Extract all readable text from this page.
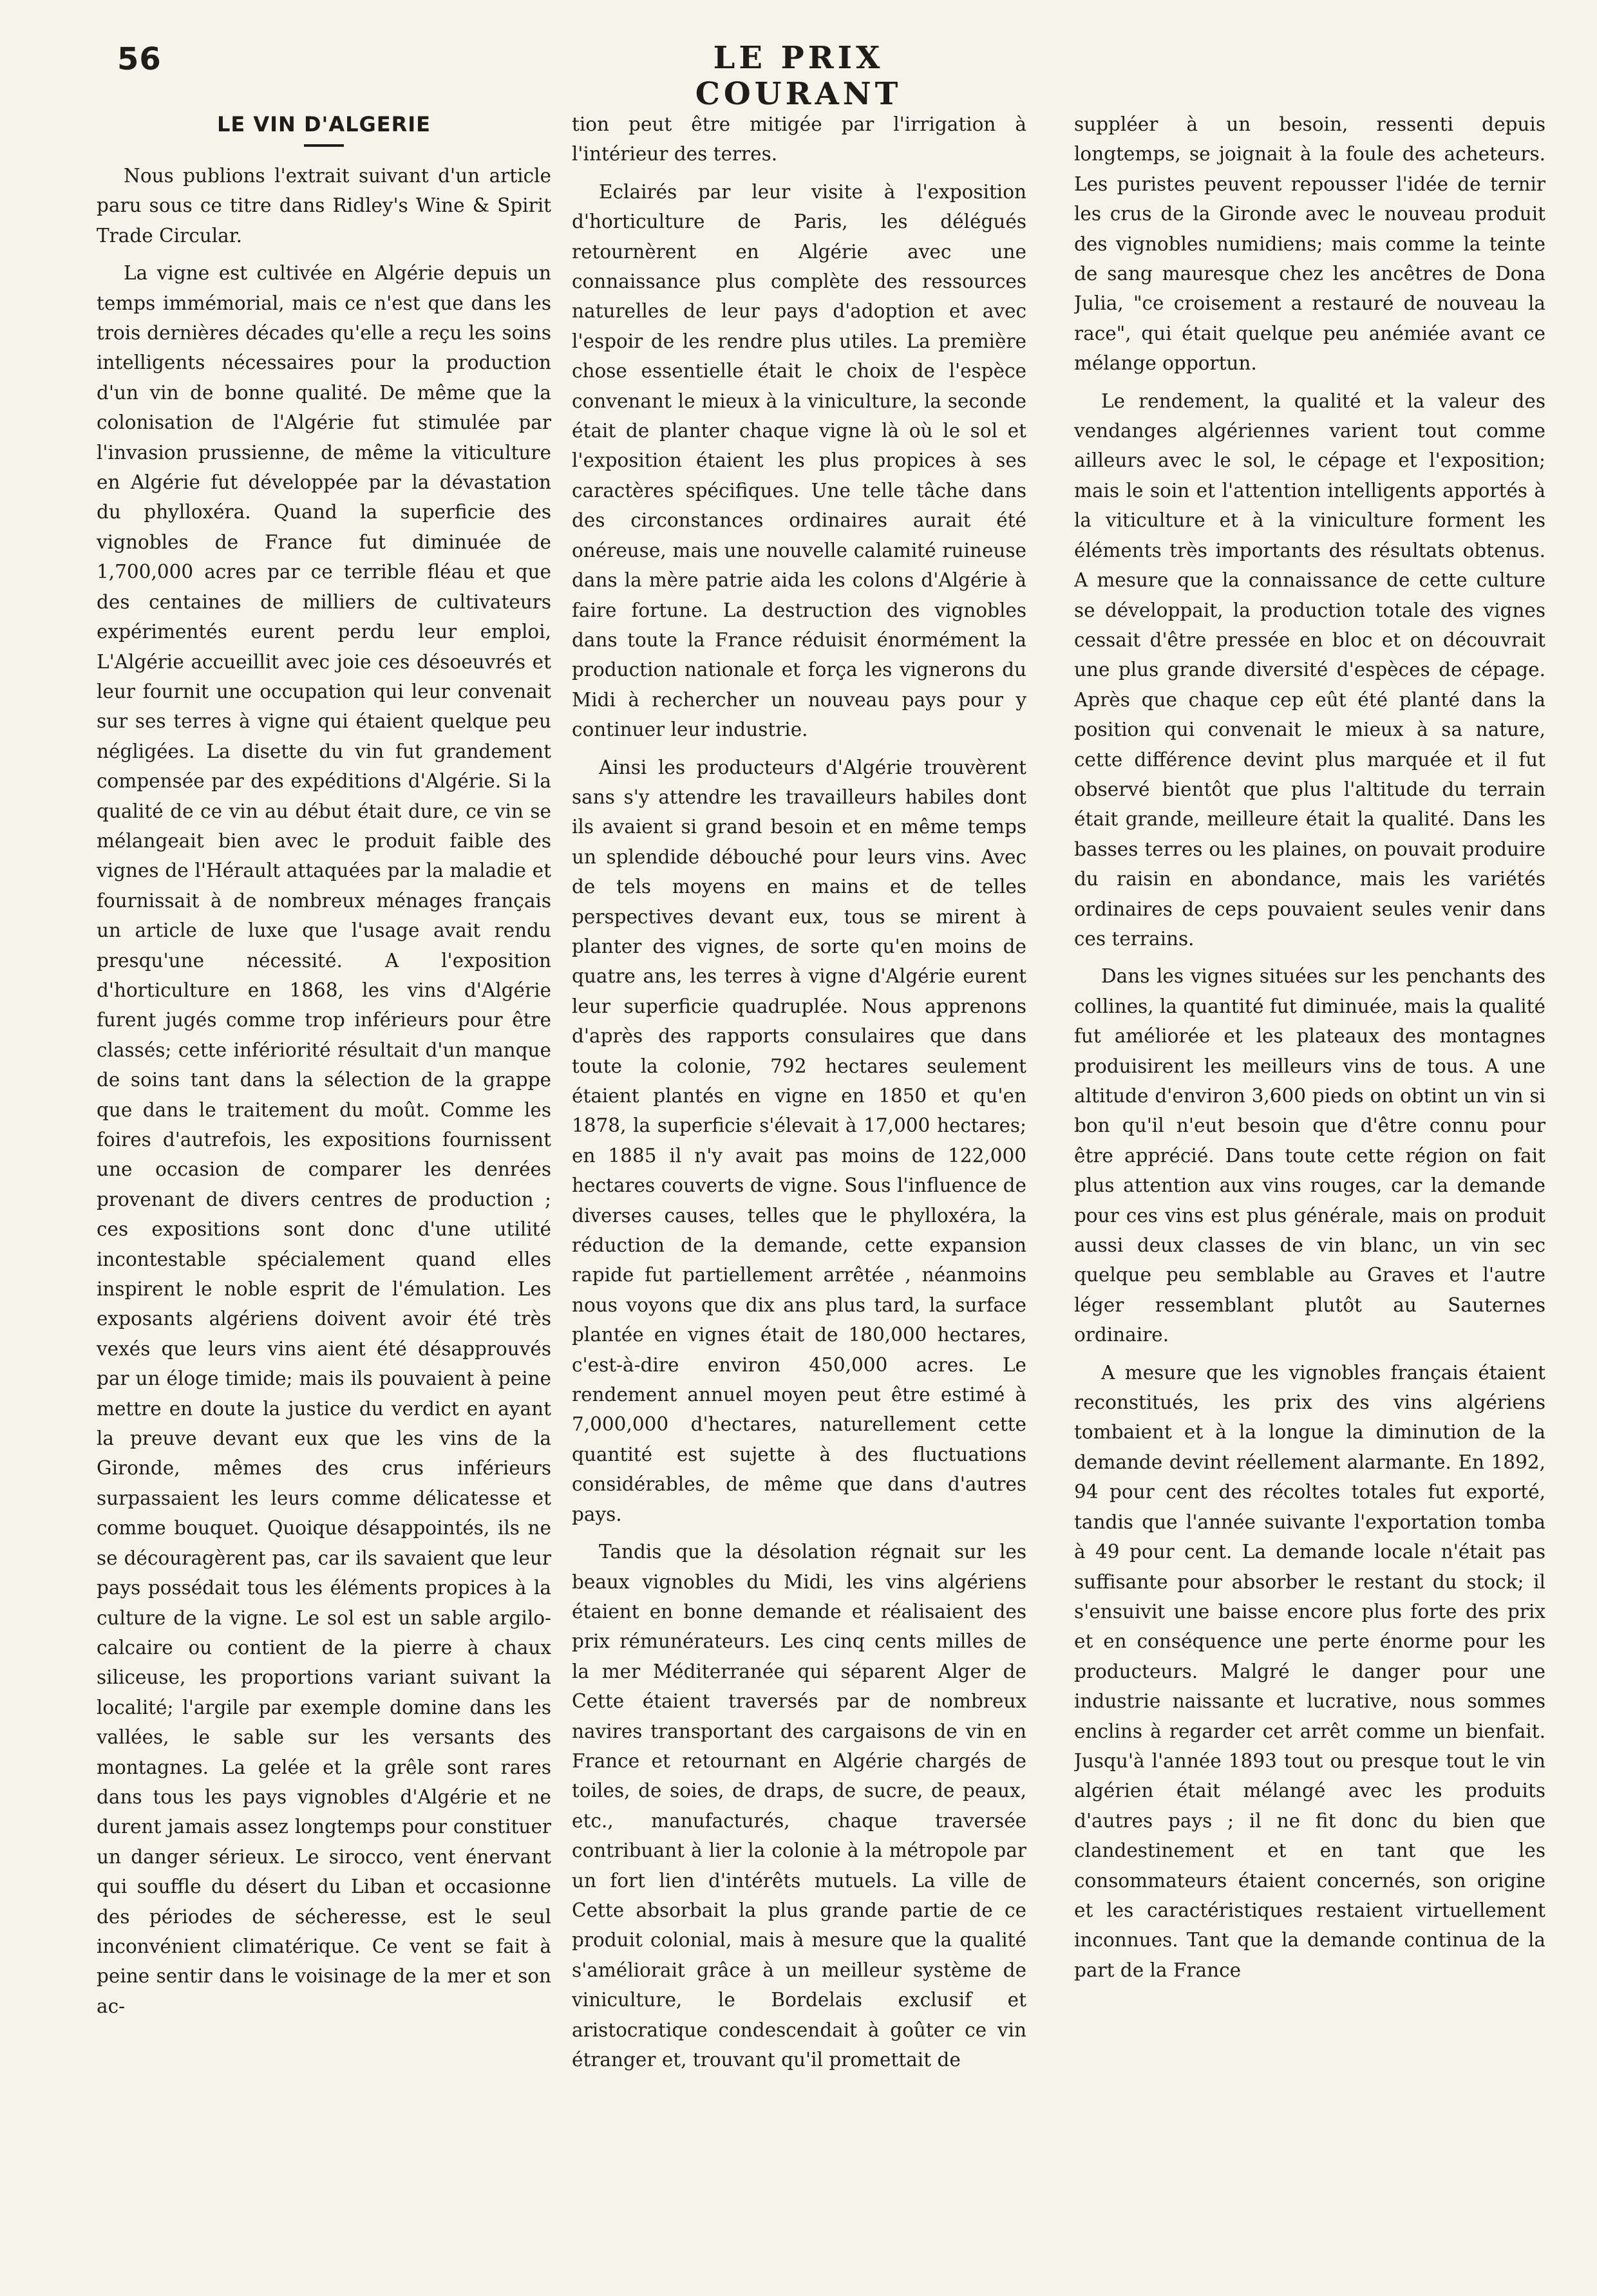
56	LE PRIX COURANT
LE VIN D'ALGERIE

Nous publions l'extrait suivant d'un article paru sous ce titre dans Ridley's Wine & Spirit Trade Circular.

La vigne est cultivée en Algérie depuis un temps immémorial, mais ce n'est que dans les trois dernières décades qu'elle a reçu les soins intelligents nécessaires pour la production d'un vin de bonne qualité. De même que la colonisation de l'Algérie fut stimulée par l'invasion prussienne, de même la viticulture en Algérie fut développée par la dévastation du phylloxéra. Quand la superficie des vignobles de France fut diminuée de 1,700,000 acres par ce terrible fléau et que des centaines de milliers de cultivateurs expérimentés eurent perdu leur emploi, L'Algérie accueillit avec joie ces désoeuvrés et leur fournit une occupation qui leur convenait sur ses terres à vigne qui étaient quelque peu négligées. La disette du vin fut grandement compensée par des expéditions d'Algérie. Si la qualité de ce vin au début était dure, ce vin se mélangeait bien avec le produit faible des vignes de l'Hérault attaquées par la maladie et fournissait à de nombreux ménages français un article de luxe que l'usage avait rendu presqu'une nécessité. A l'exposition d'horticulture en 1868, les vins d'Algérie furent jugés comme trop inférieurs pour être classés; cette infériorité résultait d'un manque de soins tant dans la sélection de la grappe que dans le traitement du moût. Comme les foires d'autrefois, les expositions fournissent une occasion de comparer les denrées provenant de divers centres de production ; ces expositions sont donc d'une utilité incontestable spécialement quand elles inspirent le noble esprit de l'émulation. Les exposants algériens doivent avoir été très vexés que leurs vins aient été désapprouvés par un éloge timide; mais ils pouvaient à peine mettre en doute la justice du verdict en ayant la preuve devant eux que les vins de la Gironde, mêmes des crus inférieurs surpassaient les leurs comme délicatesse et comme bouquet. Quoique désappointés, ils ne se découragèrent pas, car ils savaient que leur pays possédait tous les éléments propices à la culture de la vigne. Le sol est un sable argilo-calcaire ou contient de la pierre à chaux siliceuse, les proportions variant suivant la localité; l'argile par exemple domine dans les vallées, le sable sur les versants des montagnes. La gelée et la grêle sont rares dans tous les pays vignobles d'Algérie et ne durent jamais assez longtemps pour constituer un danger sérieux. Le sirocco, vent énervant qui souffle du désert du Liban et occasionne des périodes de sécheresse, est le seul inconvénient climatérique. Ce vent se fait à peine sentir dans le voisinage de la mer et son ac-

tion peut être mitigée par l'irrigation à l'intérieur des terres.

Eclairés par leur visite à l'exposition d'horticulture de Paris, les délégués retournèrent en Algérie avec une connaissance plus complète des ressources naturelles de leur pays d'adoption et avec l'espoir de les rendre plus utiles. La première chose essentielle était le choix de l'espèce convenant le mieux à la viniculture, la seconde était de planter chaque vigne là où le sol et l'exposition étaient les plus propices à ses caractères spécifiques. Une telle tâche dans des circonstances ordinaires aurait été onéreuse, mais une nouvelle calamité ruineuse dans la mère patrie aida les colons d'Algérie à faire fortune. La destruction des vignobles dans toute la France réduisit énormément la production nationale et força les vignerons du Midi à rechercher un nouveau pays pour y continuer leur industrie.

Ainsi les producteurs d'Algérie trouvèrent sans s'y attendre les travailleurs habiles dont ils avaient si grand besoin et en même temps un splendide débouché pour leurs vins. Avec de tels moyens en mains et de telles perspectives devant eux, tous se mirent à planter des vignes, de sorte qu'en moins de quatre ans, les terres à vigne d'Algérie eurent leur superficie quadruplée. Nous apprenons d'après des rapports consulaires que dans toute la colonie, 792 hectares seulement étaient plantés en vigne en 1850 et qu'en 1878, la superficie s'élevait à 17,000 hectares; en 1885 il n'y avait pas moins de 122,000 hectares couverts de vigne. Sous l'influence de diverses causes, telles que le phylloxéra, la réduction de la demande, cette expansion rapide fut partiellement arrêtée , néanmoins nous voyons que dix ans plus tard, la surface plantée en vignes était de 180,000 hectares, c'est-à-dire environ 450,000 acres. Le rendement annuel moyen peut être estimé à 7,000,000 d'hectares, naturellement cette quantité est sujette à des fluctuations considérables, de même que dans d'autres pays.

Tandis que la désolation régnait sur les beaux vignobles du Midi, les vins algériens étaient en bonne demande et réalisaient des prix rémunérateurs. Les cinq cents milles de la mer Méditerranée qui séparent Alger de Cette étaient traversés par de nombreux navires transportant des cargaisons de vin en France et retournant en Algérie chargés de toiles, de soies, de draps, de sucre, de peaux, etc., manufacturés, chaque traversée contribuant à lier la colonie à la métropole par un fort lien d'intérêts mutuels. La ville de Cette absorbait la plus grande partie de ce produit colonial, mais à mesure que la qualité s'améliorait grâce à un meilleur système de viniculture, le Bordelais exclusif et aristocratique condescendait à goûter ce vin étranger et, trouvant qu'il promettait de

suppléer à un besoin, ressenti depuis longtemps, se joignait à la foule des acheteurs. Les puristes peuvent repousser l'idée de ternir les crus de la Gironde avec le nouveau produit des vignobles numidiens; mais comme la teinte de sang mauresque chez les ancêtres de Dona Julia, "ce croisement a restauré de nouveau la race", qui était quelque peu anémiée avant ce mélange opportun.

Le rendement, la qualité et la valeur des vendanges algériennes varient tout comme ailleurs avec le sol, le cépage et l'exposition; mais le soin et l'attention intelligents apportés à la viticulture et à la viniculture forment les éléments très importants des résultats obtenus. A mesure que la connaissance de cette culture se développait, la production totale des vignes cessait d'être pressée en bloc et on découvrait une plus grande diversité d'espèces de cépage. Après que chaque cep eût été planté dans la position qui convenait le mieux à sa nature, cette différence devint plus marquée et il fut observé bientôt que plus l'altitude du terrain était grande, meilleure était la qualité. Dans les basses terres ou les plaines, on pouvait produire du raisin en abondance, mais les variétés ordinaires de ceps pouvaient seules venir dans ces terrains.

Dans les vignes situées sur les penchants des collines, la quantité fut diminuée, mais la qualité fut améliorée et les plateaux des montagnes produisirent les meilleurs vins de tous. A une altitude d'environ 3,600 pieds on obtint un vin si bon qu'il n'eut besoin que d'être connu pour être apprécié. Dans toute cette région on fait plus attention aux vins rouges, car la demande pour ces vins est plus générale, mais on produit aussi deux classes de vin blanc, un vin sec quelque peu semblable au Graves et l'autre léger ressemblant plutôt au Sauternes ordinaire.

A mesure que les vignobles français étaient reconstitués, les prix des vins algériens tombaient et à la longue la diminution de la demande devint réellement alarmante. En 1892, 94 pour cent des récoltes totales fut exporté, tandis que l'année suivante l'exportation tomba à 49 pour cent. La demande locale n'était pas suffisante pour absorber le restant du stock; il s'ensuivit une baisse encore plus forte des prix et en conséquence une perte énorme pour les producteurs. Malgré le danger pour une industrie naissante et lucrative, nous sommes enclins à regarder cet arrêt comme un bienfait. Jusqu'à l'année 1893 tout ou presque tout le vin algérien était mélangé avec les produits d'autres pays ; il ne fit donc du bien que clandestinement et en tant que les consommateurs étaient concernés, son origine et les caractéristiques restaient virtuellement inconnues. Tant que la demande continua de la part de la France
